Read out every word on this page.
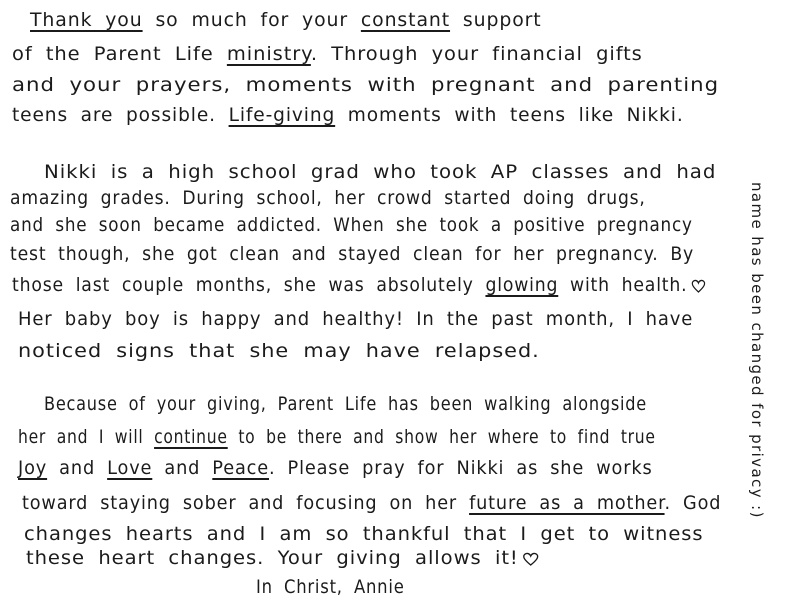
Thank you so much for your constant support
of the Parent Life ministry. Through your financial gifts
and your prayers, moments with pregnant and parenting
teens are possible. Life-giving moments with teens like Nikki.
Nikki is a high school grad who took AP classes and had
amazing grades. During school, her crowd started doing drugs,
and she soon became addicted. When she took a positive pregnancy
test though, she got clean and stayed clean for her pregnancy. By
those last couple months, she was absolutely glowing with health.
Her baby boy is happy and healthy! In the past month, I have
noticed signs that she may have relapsed.
Because of your giving, Parent Life has been walking alongside
her and I will continue to be there and show her where to find true
Joy and Love and Peace. Please pray for Nikki as she works
toward staying sober and focusing on her future as a mother. God
changes hearts and I am so thankful that I get to witness
these heart changes. Your giving allows it!
In Christ, Annie
name has been changed for privacy :)
